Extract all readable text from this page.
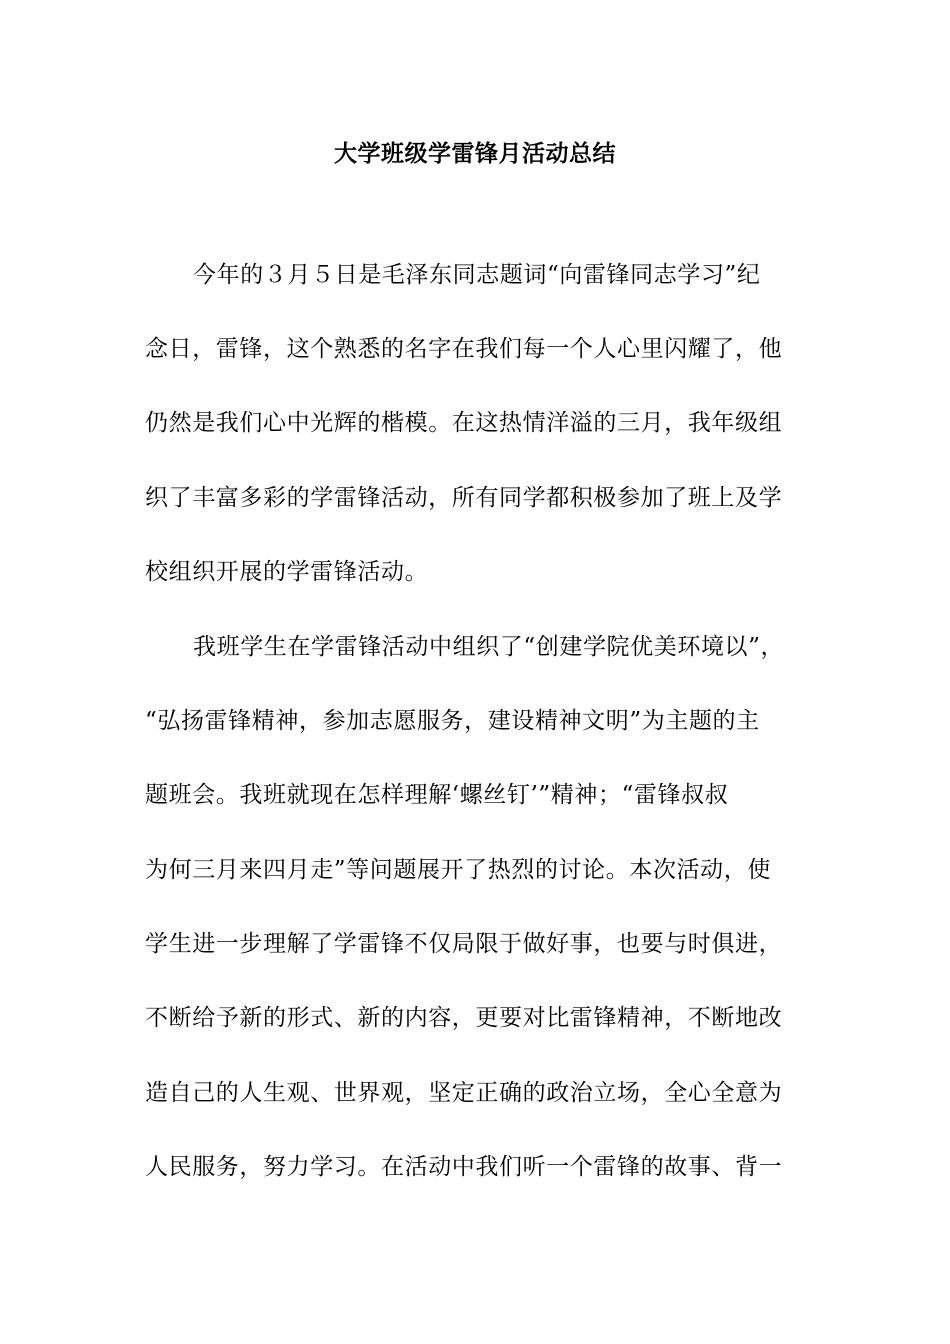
大学班级学雷锋月活动总结
今年的３月５日是毛泽东同志题词“向雷锋同志学习”纪
念日，雷锋，这个熟悉的名字在我们每一个人心里闪耀了，他
仍然是我们心中光辉的楷模。在这热情洋溢的三月，我年级组
织了丰富多彩的学雷锋活动，所有同学都积极参加了班上及学
校组织开展的学雷锋活动。
我班学生在学雷锋活动中组织了“创建学院优美环境以”，
“弘扬雷锋精神，参加志愿服务，建设精神文明”为主题的主
题班会。我班就现在怎样理解‘螺丝钉’”精神；“雷锋叔叔
为何三月来四月走”等问题展开了热烈的讨论。本次活动，使
学生进一步理解了学雷锋不仅局限于做好事，也要与时俱进，
不断给予新的形式、新的内容，更要对比雷锋精神，不断地改
造自己的人生观、世界观，坚定正确的政治立场，全心全意为
人民服务，努力学习。在活动中我们听一个雷锋的故事、背一
